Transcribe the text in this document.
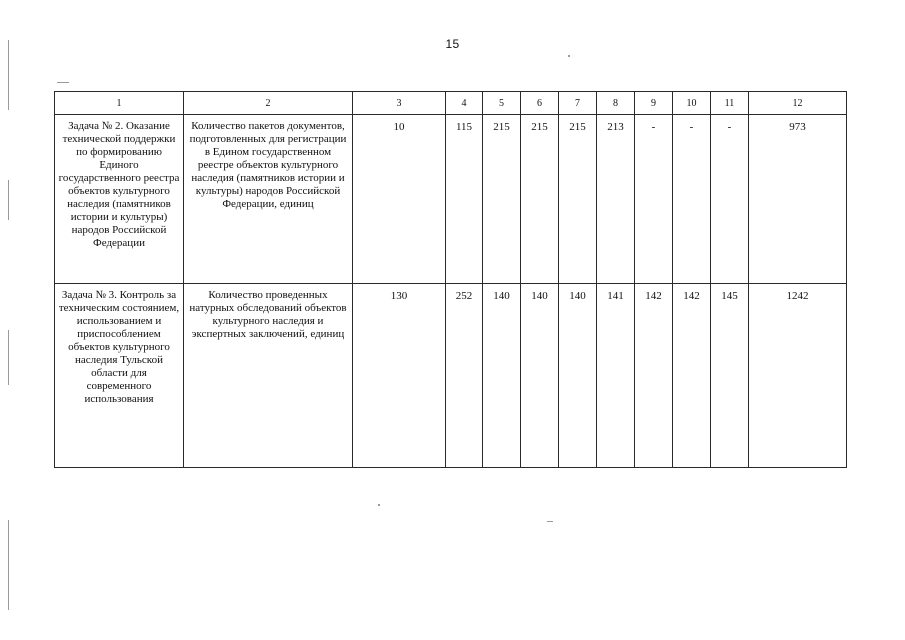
15
1	2	3	4	5	6	7	8	9	10	11	12

Задача № 2. Оказание технической поддержки по формированию Единого государственного реестра объектов культурного наследия (памятников истории и культуры) народов Российской Федерации	Количество пакетов документов, подготовленных для регистрации в Едином государственном реестре объектов культурного наследия (памятников истории и культуры) народов Российской Федерации, единиц	10	115	215	215	215	213	-	-	-	973

Задача № 3. Контроль за техническим состоянием, использованием и приспособлением объектов культурного наследия Тульской области для современного использования	Количество проведенных натурных обследований объектов культурного наследия и экспертных заключений, единиц	130	252	140	140	140	141	142	142	145	1242
